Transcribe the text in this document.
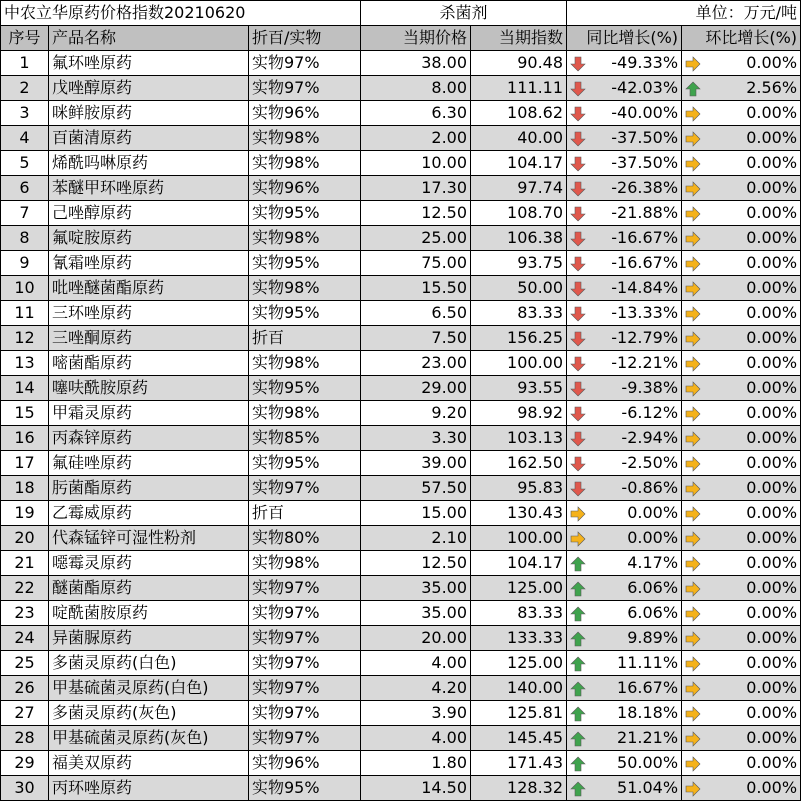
中农立华原药价格指数20210620			杀菌剂		单位：万元/吨	
序号	产品名称	折百/实物	当期价格	当期指数	同比增长(%)	环比增长(%)
1	氟环唑原药	实物97%	38.00	90.48	-49.33%	0.00%

2	戊唑醇原药	实物97%	8.00	111.11	-42.03%	2.56%

3	咪鲜胺原药	实物96%	6.30	108.62	-40.00%	0.00%

4	百菌清原药	实物98%	2.00	40.00	-37.50%	0.00%

5	烯酰吗啉原药	实物98%	10.00	104.17	-37.50%	0.00%

6	苯醚甲环唑原药	实物96%	17.30	97.74	-26.38%	0.00%

7	己唑醇原药	实物95%	12.50	108.70	-21.88%	0.00%

8	氟啶胺原药	实物98%	25.00	106.38	-16.67%	0.00%

9	氰霜唑原药	实物95%	75.00	93.75	-16.67%	0.00%

10	吡唑醚菌酯原药	实物98%	15.50	50.00	-14.84%	0.00%

11	三环唑原药	实物95%	6.50	83.33	-13.33%	0.00%

12	三唑酮原药	折百	7.50	156.25	-12.79%	0.00%

13	嘧菌酯原药	实物98%	23.00	100.00	-12.21%	0.00%

14	噻呋酰胺原药	实物95%	29.00	93.55	-9.38%	0.00%

15	甲霜灵原药	实物98%	9.20	98.92	-6.12%	0.00%

16	丙森锌原药	实物85%	3.30	103.13	-2.94%	0.00%

17	氟硅唑原药	实物95%	39.00	162.50	-2.50%	0.00%

18	肟菌酯原药	实物97%	57.50	95.83	-0.86%	0.00%

19	乙霉威原药	折百	15.00	130.43	0.00%	0.00%

20	代森锰锌可湿性粉剂	实物80%	2.10	100.00	0.00%	0.00%

21	噁霉灵原药	实物98%	12.50	104.17	4.17%	0.00%

22	醚菌酯原药	实物97%	35.00	125.00	6.06%	0.00%

23	啶酰菌胺原药	实物97%	35.00	83.33	6.06%	0.00%

24	异菌脲原药	实物97%	20.00	133.33	9.89%	0.00%

25	多菌灵原药(白色)	实物97%	4.00	125.00	11.11%	0.00%

26	甲基硫菌灵原药(白色)	实物97%	4.20	140.00	16.67%	0.00%

27	多菌灵原药(灰色)	实物97%	3.90	125.81	18.18%	0.00%

28	甲基硫菌灵原药(灰色)	实物97%	4.00	145.45	21.21%	0.00%

29	福美双原药	实物96%	1.80	171.43	50.00%	0.00%

30	丙环唑原药	实物95%	14.50	128.32	51.04%	0.00%
